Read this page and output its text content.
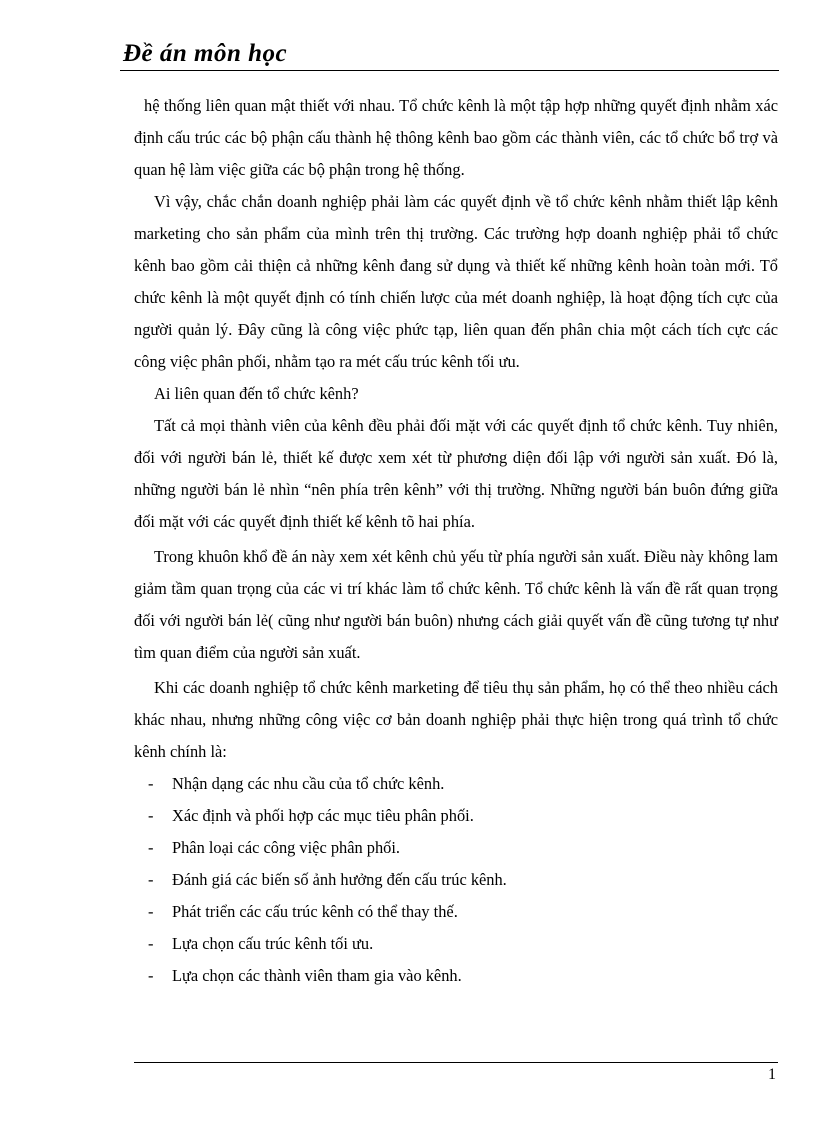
Đề án môn học

hệ thống liên quan mật thiết với nhau. Tổ chức kênh là một tập hợp những quyết định nhằm xác định cấu trúc các bộ phận cấu thành hệ thông kênh bao gồm các thành viên, các tổ chức bổ trợ và quan hệ làm việc giữa các bộ phận trong hệ thống.

Vì vậy, chắc chắn doanh nghiệp phải làm các quyết định về tổ chức kênh nhằm thiết lập kênh marketing cho sản phẩm của mình trên thị trường. Các trường hợp doanh nghiệp phải tổ chức kênh bao gồm cải thiện cả những kênh đang sử dụng và thiết kế những kênh hoàn toàn mới. Tổ chức kênh là một quyết định có tính chiến lược của mét doanh nghiệp, là hoạt động tích cực của người quản lý. Đây cũng là công việc phức tạp, liên quan đến phân chia một cách tích cực các công việc phân phối, nhằm tạo ra mét cấu trúc kênh tối ưu.

Ai liên quan đến tổ chức kênh?

Tất cả mọi thành viên của kênh đều phải đối mặt với các quyết định tổ chức kênh. Tuy nhiên, đối với người bán lẻ, thiết kế được xem xét từ phương diện đối lập với người sản xuất. Đó là, những người bán lẻ nhìn “nên phía trên kênh” với thị trường. Những người bán buôn đứng giữa đối mặt với các quyết định thiết kế kênh tõ hai phía.

Trong khuôn khổ đề án này xem xét kênh chủ yếu từ phía người sản xuất. Điều này không lam giảm tầm quan trọng của các vi trí khác làm tổ chức kênh. Tổ chức kênh là vấn đề rất quan trọng đối với người bán lẻ( cũng như người bán buôn) nhưng cách giải quyết vấn đề cũng tương tự như tìm quan điểm của người sản xuất.

Khi các doanh nghiệp tổ chức kênh marketing để tiêu thụ sản phẩm, họ có thể theo nhiều cách khác nhau, nhưng những công việc cơ bản doanh nghiệp phải thực hiện trong quá trình tổ chức kênh chính là:

- Nhận dạng các nhu cầu của tổ chức kênh.
- Xác định và phối hợp các mục tiêu phân phối.
- Phân loại các công việc phân phối.
- Đánh giá các biến số ảnh hưởng đến cấu trúc kênh.
- Phát triển các cấu trúc kênh có thể thay thế.
- Lựa chọn cấu trúc kênh tối ưu.
- Lựa chọn các thành viên tham gia vào kênh.
1
